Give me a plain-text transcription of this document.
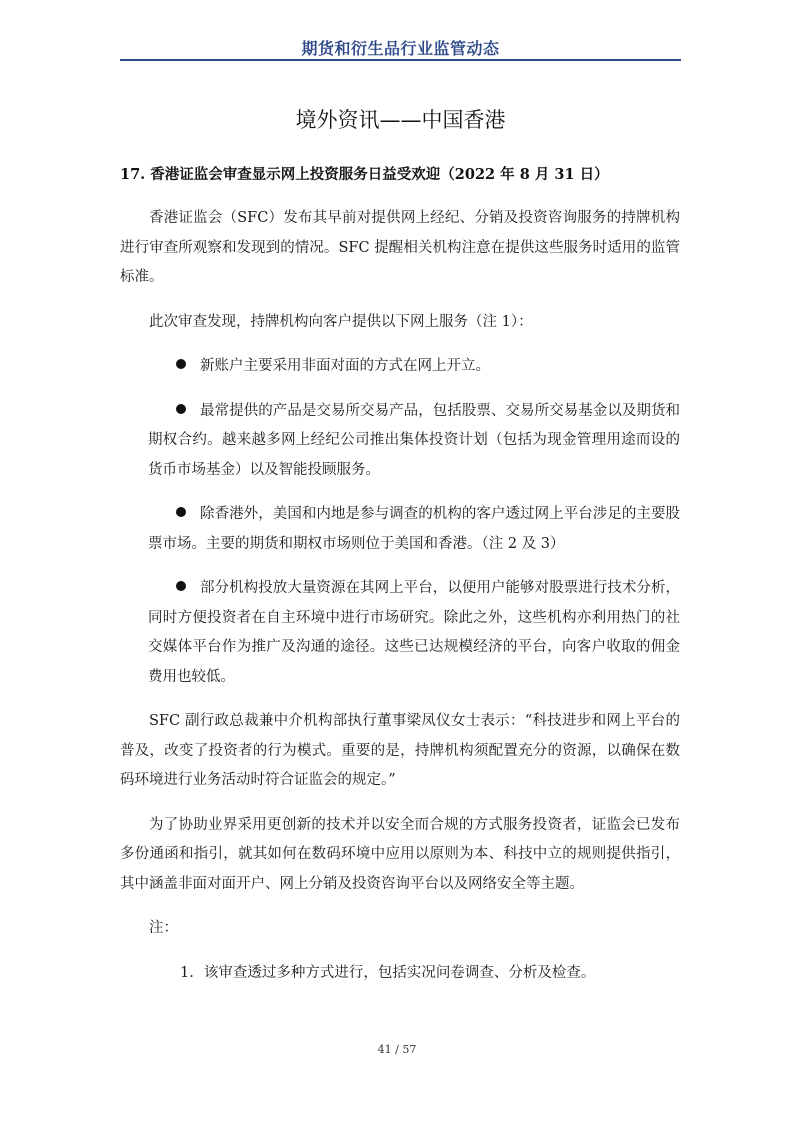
期货和衍生品行业监管动态
境外资讯——中国香港
17. 香港证监会审查显示网上投资服务日益受欢迎（2022 年 8 月 31 日）

香港证监会（SFC）发布其早前对提供网上经纪、分销及投资咨询服务的持牌机构进行审查所观察和发现到的情况。SFC 提醒相关机构注意在提供这些服务时适用的监管标准。

此次审查发现，持牌机构向客户提供以下网上服务（注 1）：

新账户主要采用非面对面的方式在网上开立。
最常提供的产品是交易所交易产品，包括股票、交易所交易基金以及期货和期权合约。越来越多网上经纪公司推出集体投资计划（包括为现金管理用途而设的货币市场基金）以及智能投顾服务。
除香港外，美国和内地是参与调查的机构的客户透过网上平台涉足的主要股票市场。主要的期货和期权市场则位于美国和香港。（注 2 及 3）
部分机构投放大量资源在其网上平台，以便用户能够对股票进行技术分析，同时方便投资者在自主环境中进行市场研究。除此之外，这些机构亦利用热门的社交媒体平台作为推广及沟通的途径。这些已达规模经济的平台，向客户收取的佣金费用也较低。

SFC 副行政总裁兼中介机构部执行董事梁凤仪女士表示：“科技进步和网上平台的普及，改变了投资者的行为模式。重要的是，持牌机构须配置充分的资源，以确保在数码环境进行业务活动时符合证监会的规定。”

为了协助业界采用更创新的技术并以安全而合规的方式服务投资者，证监会已发布多份通函和指引，就其如何在数码环境中应用以原则为本、科技中立的规则提供指引，其中涵盖非面对面开户、网上分销及投资咨询平台以及网络安全等主题。

注：
1. 该审查透过多种方式进行，包括实况问卷调查、分析及检查。
41 / 57
